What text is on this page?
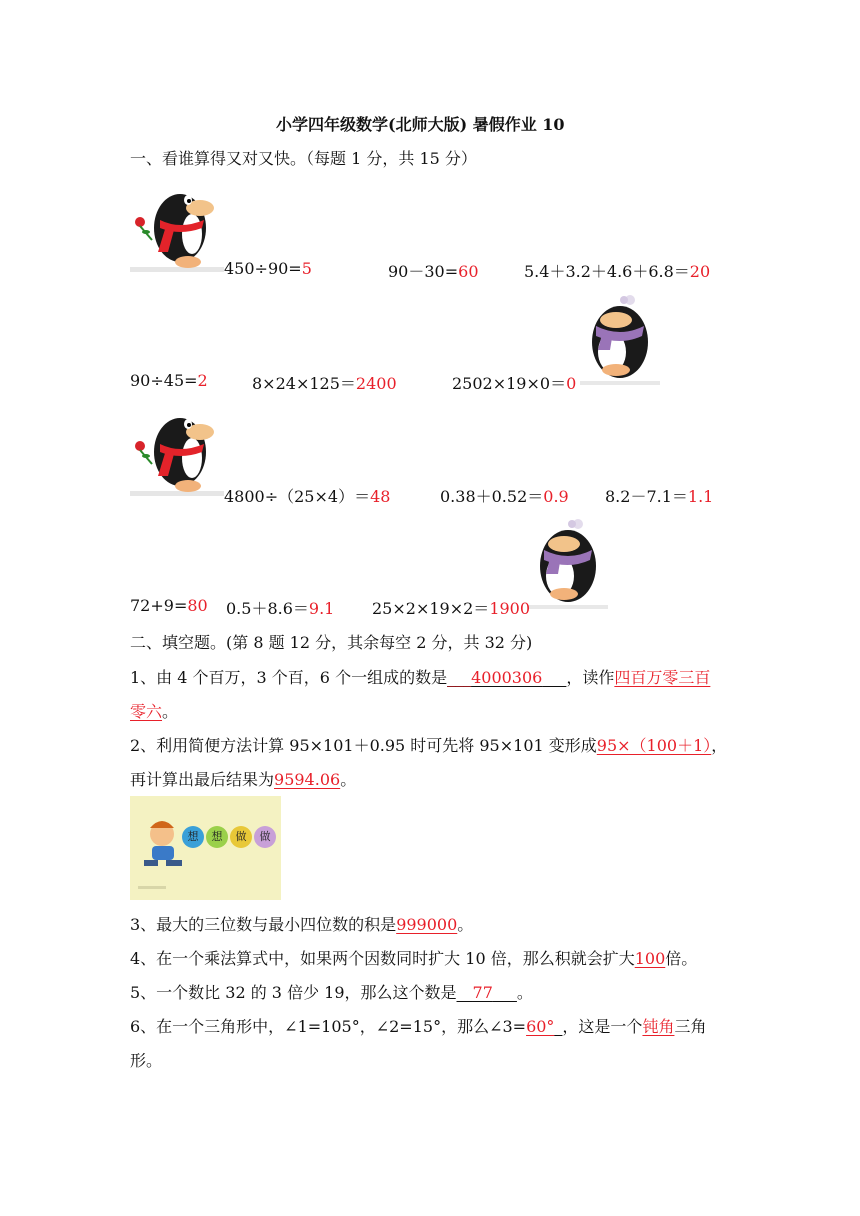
小学四年级数学(北师大版) 暑假作业 10
一、看谁算得又对又快。（每题 1 分，共 15 分）
450÷90=5	90－30=60	5.4＋3.2＋4.6＋6.8＝20
90÷45=2	8×24×125＝2400	2502×19×0＝0
4800÷（25×4）＝48	0.38＋0.52＝0.9 8.2－7.1＝1.1
72+9=80 0.5＋8.6＝9.1 25×2×19×2＝1900
二、填空题。(第 8 题 12 分，其余每空 2 分，共 32 分)
1、由 4 个百万，3 个百，6 个一组成的数是___4000306___，读作四百万零三百
零六。
2、利用简便方法计算 95×101＋0.95 时可先将 95×101 变形成95×（100＋1），
再计算出最后结果为9594.06。
想	想	做	做
3、最大的三位数与最小四位数的积是999000。
4、在一个乘法算式中，如果两个因数同时扩大 10 倍，那么积就会扩大100倍。
5、一个数比 32 的 3 倍少 19，那么这个数是__77___。
6、在一个三角形中，∠1=105°，∠2=15°，那么∠3=60°_，这是一个钝角三角
形。
